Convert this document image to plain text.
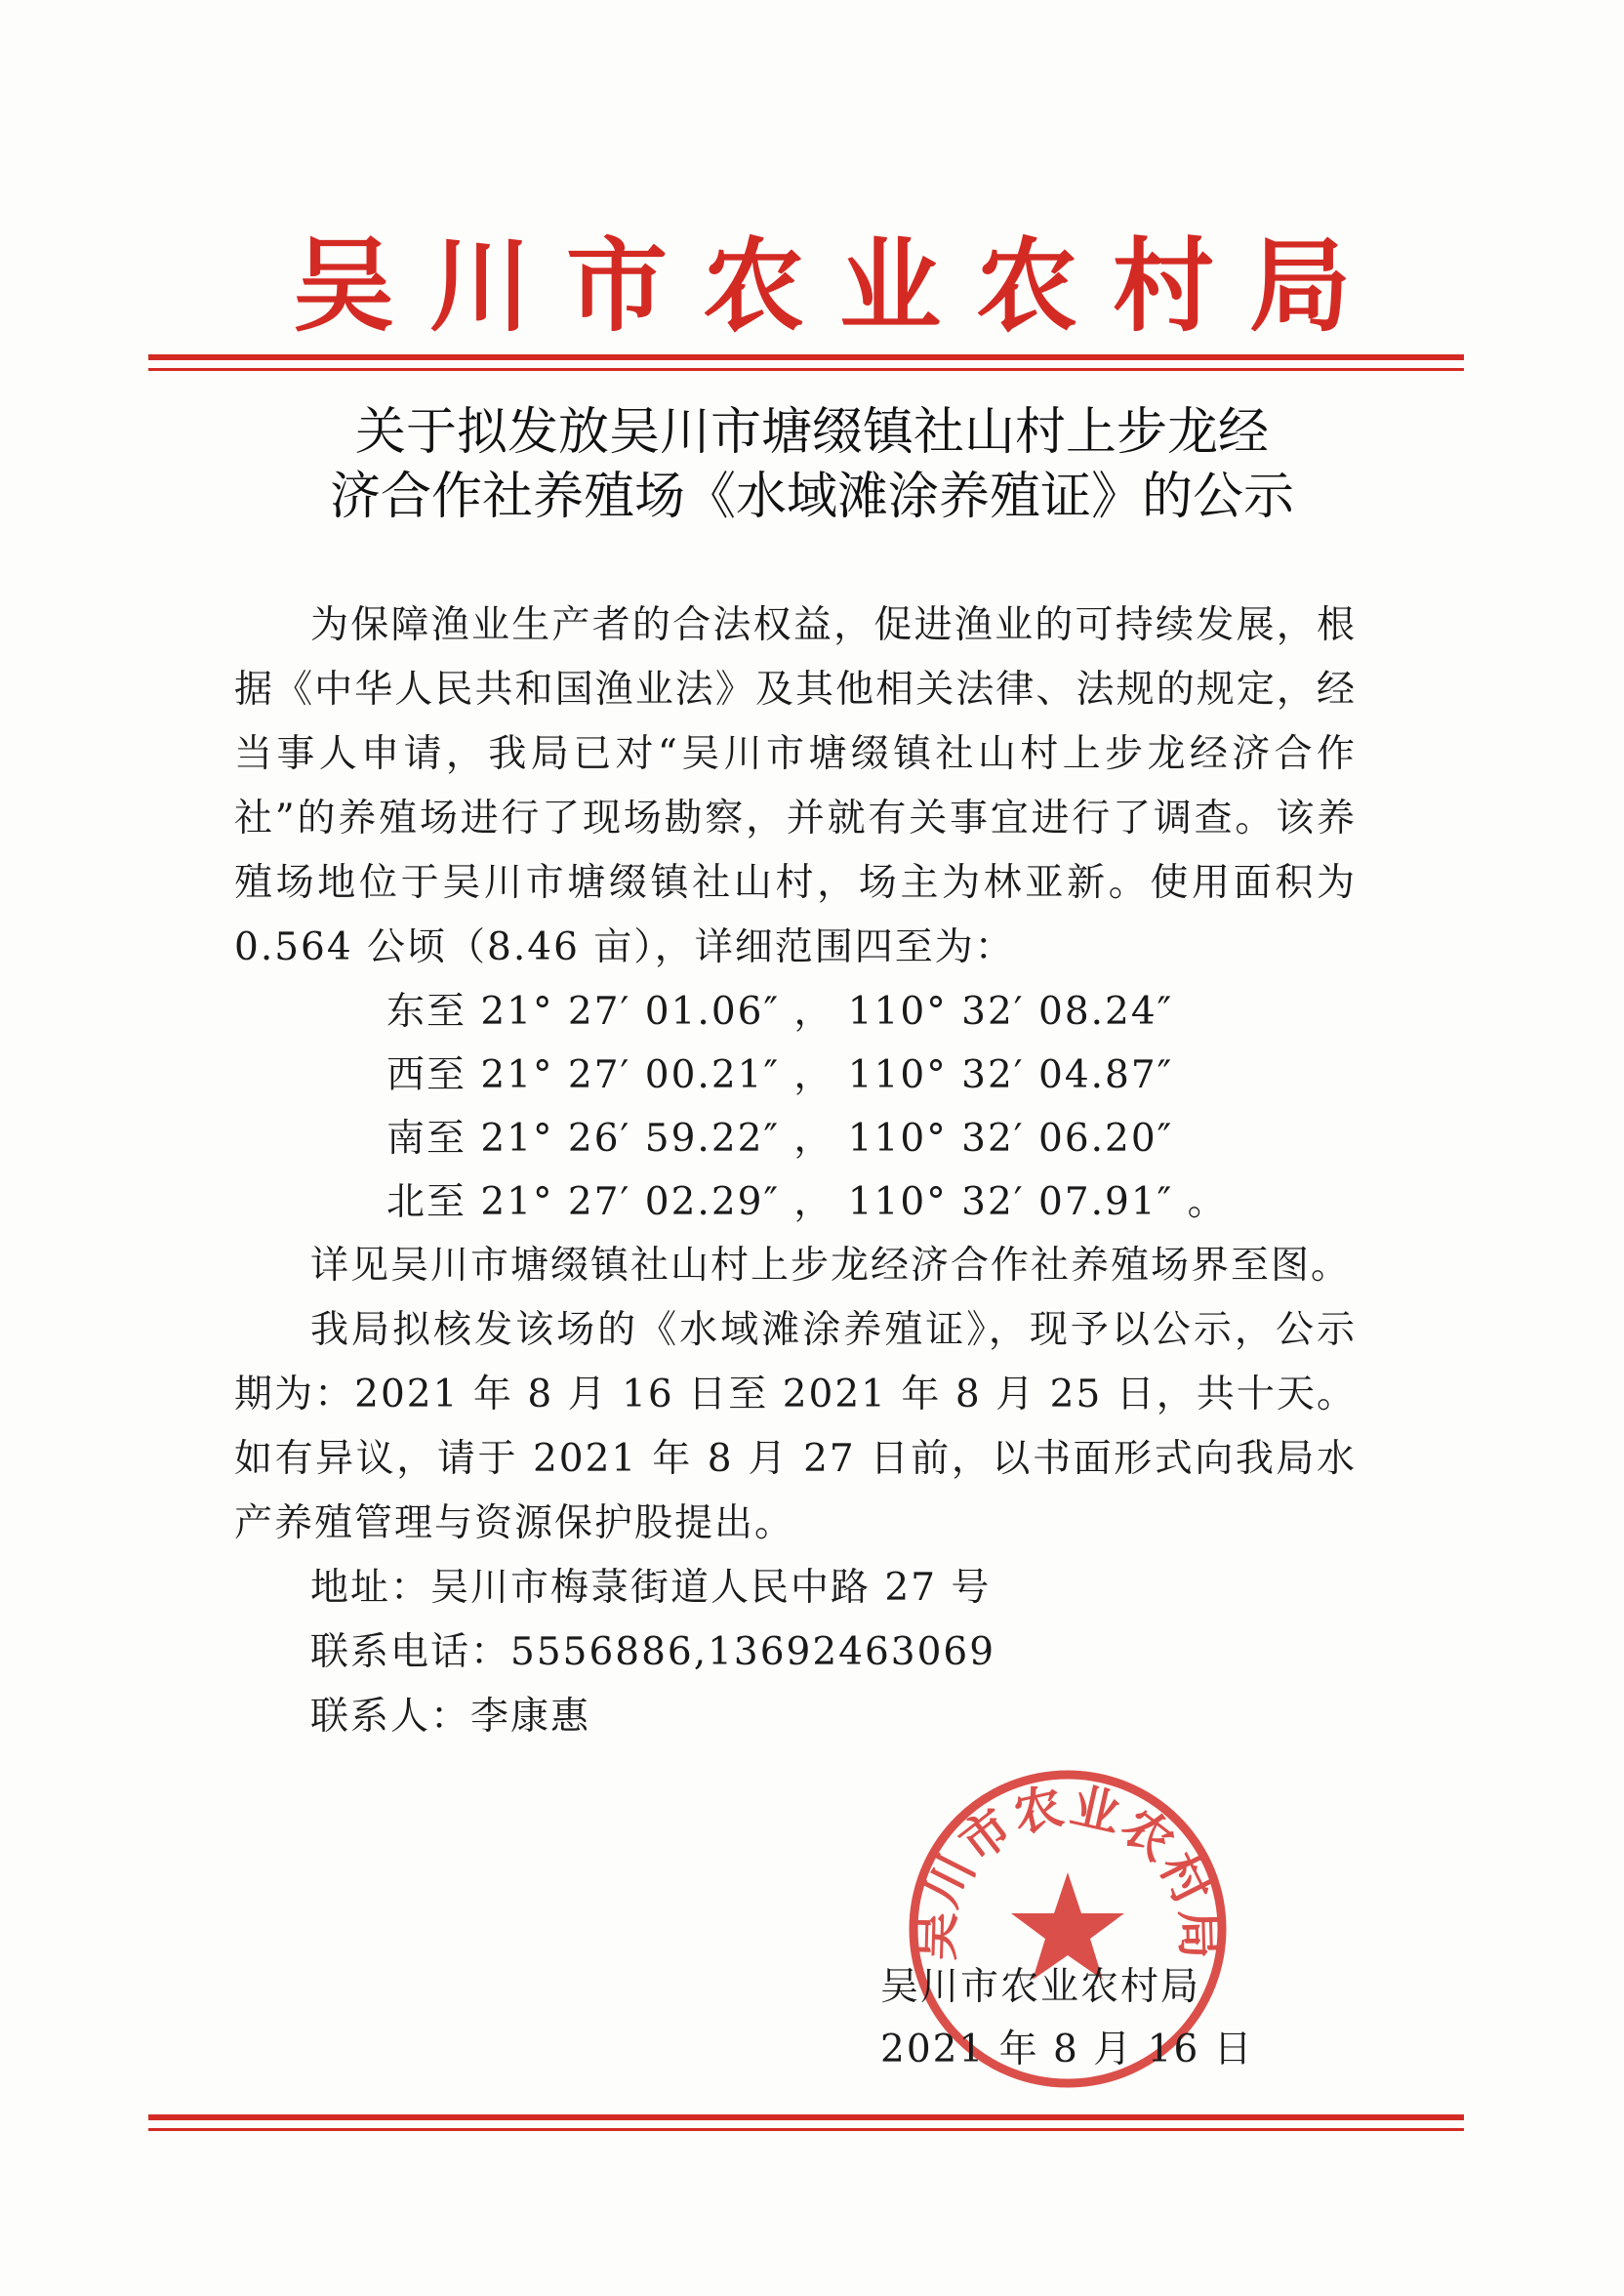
吴川市农业农村局
关于拟发放吴川市塘缀镇社山村上步龙经
济合作社养殖场《水域滩涂养殖证》的公示

为保障渔业生产者的合法权益，促进渔业的可持续发展，根据《中华人民共和国渔业法》及其他相关法律、法规的规定，经当事人申请，我局已对“吴川市塘缀镇社山村上步龙经济合作社”的养殖场进行了现场勘察，并就有关事宜进行了调查。该养殖场地位于吴川市塘缀镇社山村，场主为林亚新。使用面积为 0.564 公顷（8.46 亩），详细范围四至为：

东至 21° 27′ 01.06″ ， 110° 32′ 08.24″

西至 21° 27′ 00.21″ ， 110° 32′ 04.87″

南至 21° 26′ 59.22″ ， 110° 32′ 06.20″

北至 21° 27′ 02.29″ ， 110° 32′ 07.91″ 。

详见吴川市塘缀镇社山村上步龙经济合作社养殖场界至图。

我局拟核发该场的《水域滩涂养殖证》，现予以公示，公示期为：2021 年 8 月 16 日至 2021 年 8 月 25 日，共十天。如有异议，请于 2021 年 8 月 27 日前，以书面形式向我局水产养殖管理与资源保护股提出。

地址：吴川市梅菉街道人民中路 27 号

联系电话：5556886,13692463069

联系人：李康惠

吴川市农业农村局
吴川市农业农村局
2021 年 8 月 16 日
